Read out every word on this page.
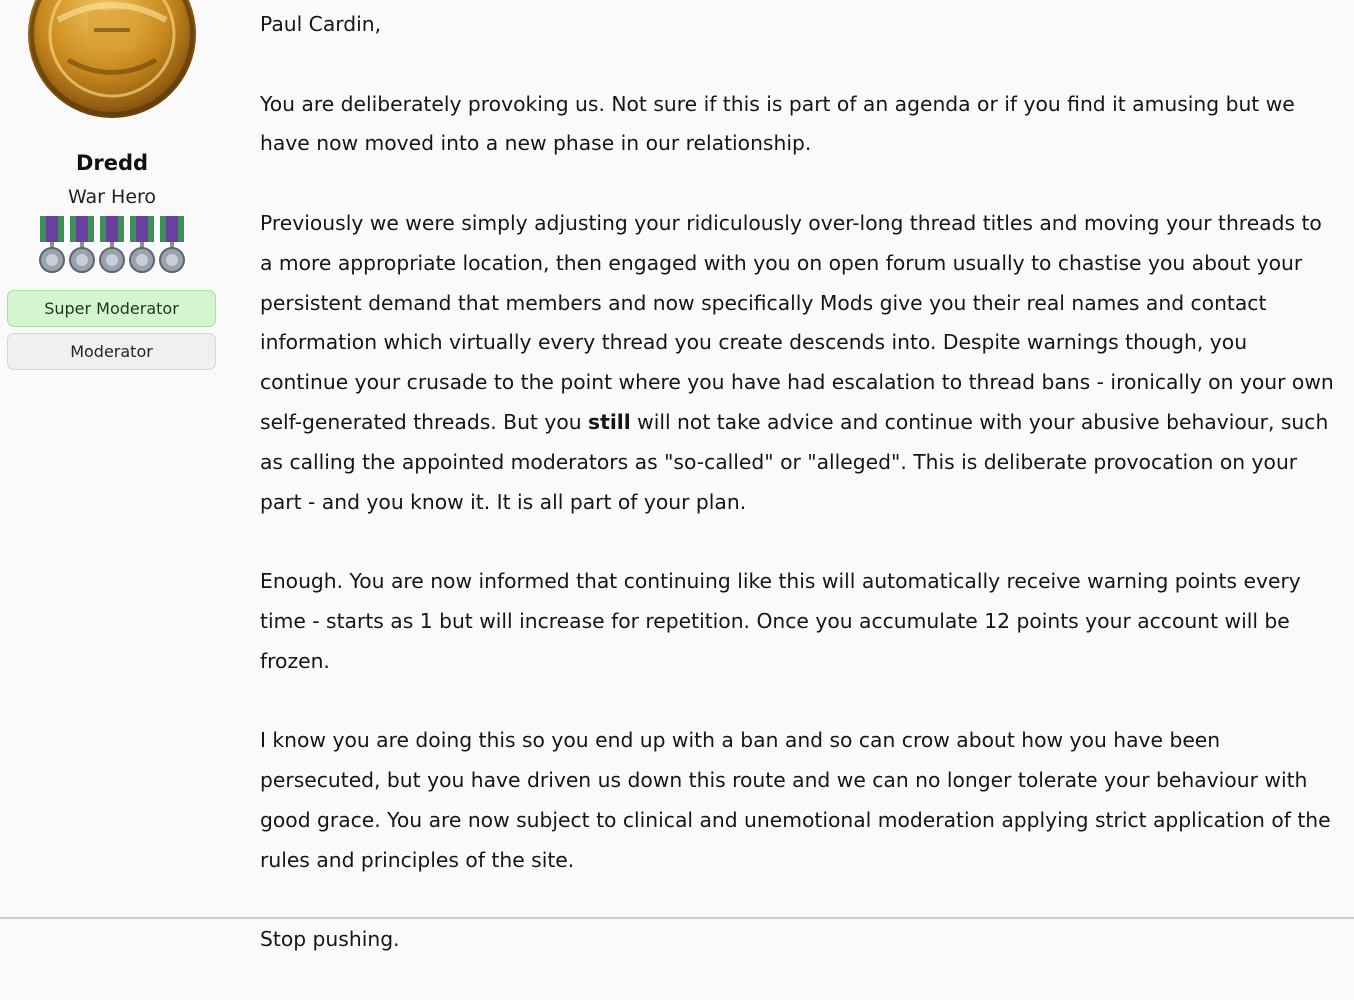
Dredd
War Hero
Super Moderator
Moderator

Paul Cardin,

You are deliberately provoking us. Not sure if this is part of an agenda or if you find it amusing but we have now moved into a new phase in our relationship.

Previously we were simply adjusting your ridiculously over-long thread titles and moving your threads to a more appropriate location, then engaged with you on open forum usually to chastise you about your persistent demand that members and now specifically Mods give you their real names and contact information which virtually every thread you create descends into. Despite warnings though, you continue your crusade to the point where you have had escalation to thread bans - ironically on your own self-generated threads. But you still will not take advice and continue with your abusive behaviour, such as calling the appointed moderators as "so-called" or "alleged". This is deliberate provocation on your part - and you know it. It is all part of your plan.

Enough. You are now informed that continuing like this will automatically receive warning points every time - starts as 1 but will increase for repetition. Once you accumulate 12 points your account will be frozen.

I know you are doing this so you end up with a ban and so can crow about how you have been persecuted, but you have driven us down this route and we can no longer tolerate your behaviour with good grace. You are now subject to clinical and unemotional moderation applying strict application of the rules and principles of the site.

Stop pushing.
